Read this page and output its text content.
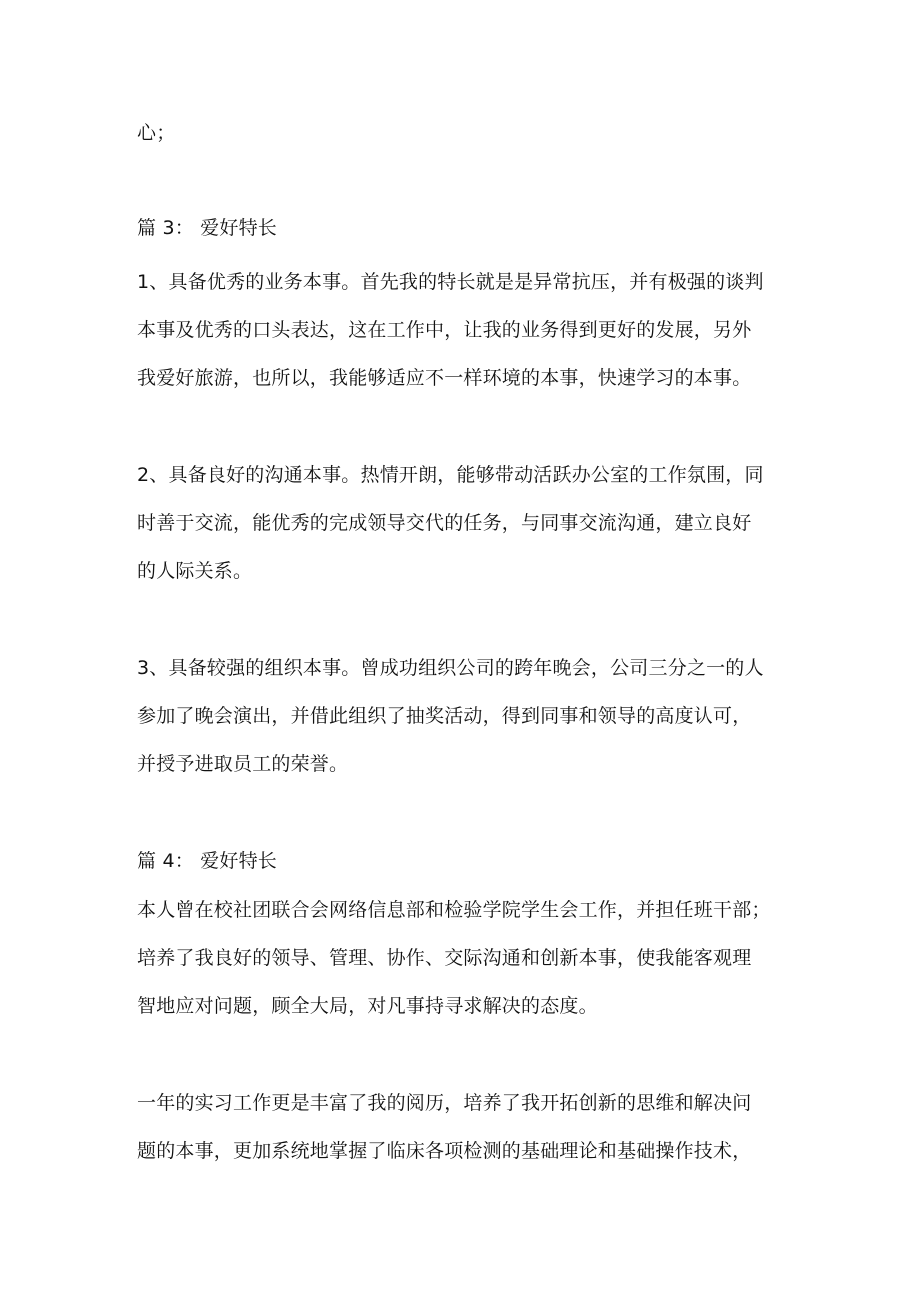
心；
篇 3： 爱好特长
1、具备优秀的业务本事。首先我的特长就是是异常抗压，并有极强的谈判
本事及优秀的口头表达，这在工作中，让我的业务得到更好的发展，另外
我爱好旅游，也所以，我能够适应不一样环境的本事，快速学习的本事。
2、具备良好的沟通本事。热情开朗，能够带动活跃办公室的工作氛围，同
时善于交流，能优秀的完成领导交代的任务，与同事交流沟通，建立良好
的人际关系。
3、具备较强的组织本事。曾成功组织公司的跨年晚会，公司三分之一的人
参加了晚会演出，并借此组织了抽奖活动，得到同事和领导的高度认可，
并授予进取员工的荣誉。
篇 4： 爱好特长
本人曾在校社团联合会网络信息部和检验学院学生会工作，并担任班干部；
培养了我良好的领导、管理、协作、交际沟通和创新本事，使我能客观理
智地应对问题，顾全大局，对凡事持寻求解决的态度。
一年的实习工作更是丰富了我的阅历，培养了我开拓创新的思维和解决问
题的本事，更加系统地掌握了临床各项检测的基础理论和基础操作技术，
